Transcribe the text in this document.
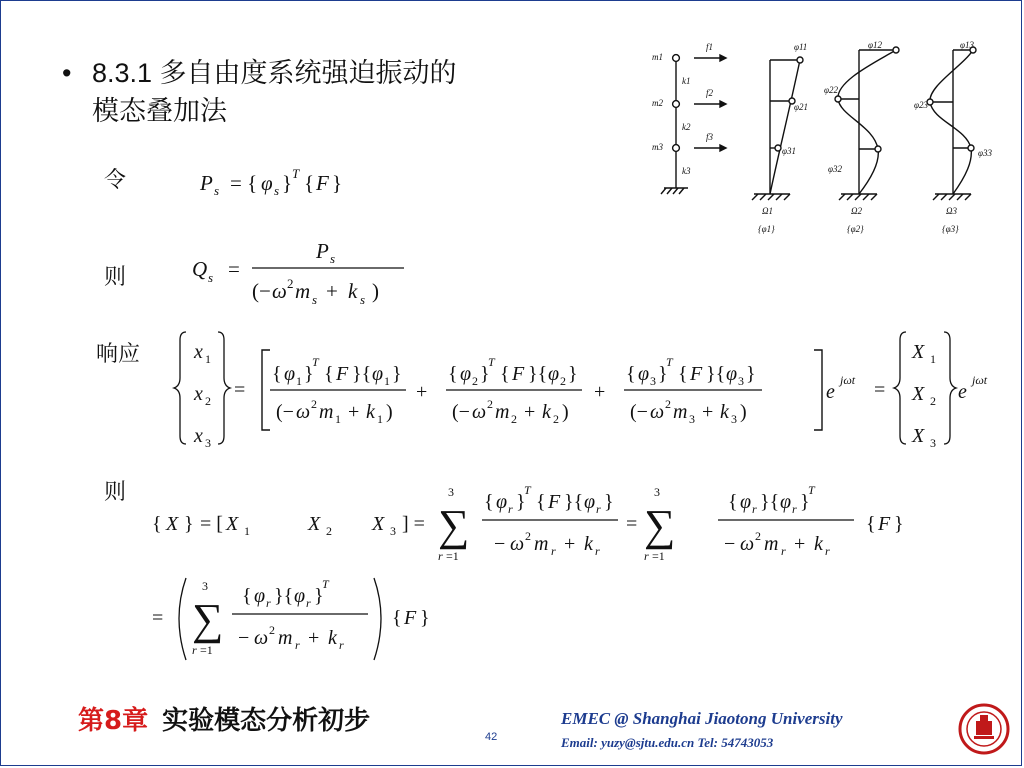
• 8.3.1 多自由度系统强迫振动的
模态叠加法
m1
m2
m3
k1
k2
k3
f1
f2
f3
φ11
φ21
φ31
φ12
φ22
φ32
φ13
φ23
φ33
Ω1	Ω2	Ω3
{φ1}	{φ2}	{φ3}
令
则
响应
则
P s = { φ s } T { F }
Q s =
P s
(− ω 2 m s + k s )
x 1
x 2
x 3
=
{ φ 1 }
T
{ F }{ φ 1 }
(− ω 2 m 1 + k 1 )
+
{ φ 2 }
T
{ F }{ φ 2 }
(− ω 2 m 2 + k 2 )
+
{ φ 3 }
T
{ F }{ φ 3 }
(− ω 2 m 3 + k 3 )
e
jωt =
X 1
X 2
X 3
e
jωt
{ X } = [ X 1	X 2 X 3 ] =
3
∑
r =1
{ φ r }
T
{ F }{ φ r }
− ω 2 m r + k r
=
3
∑
r =1
{ φ r }{ φ r }
T
− ω 2 m r + k r
{ F }
=
3
∑
r =1
{ φ r }{ φ r }
T
− ω 2 m r + k r
{ F }
第8章 实验模态分析初步
42
EMEC @ Shanghai Jiaotong University
Email: yuzy@sjtu.edu.cn Tel: 54743053
